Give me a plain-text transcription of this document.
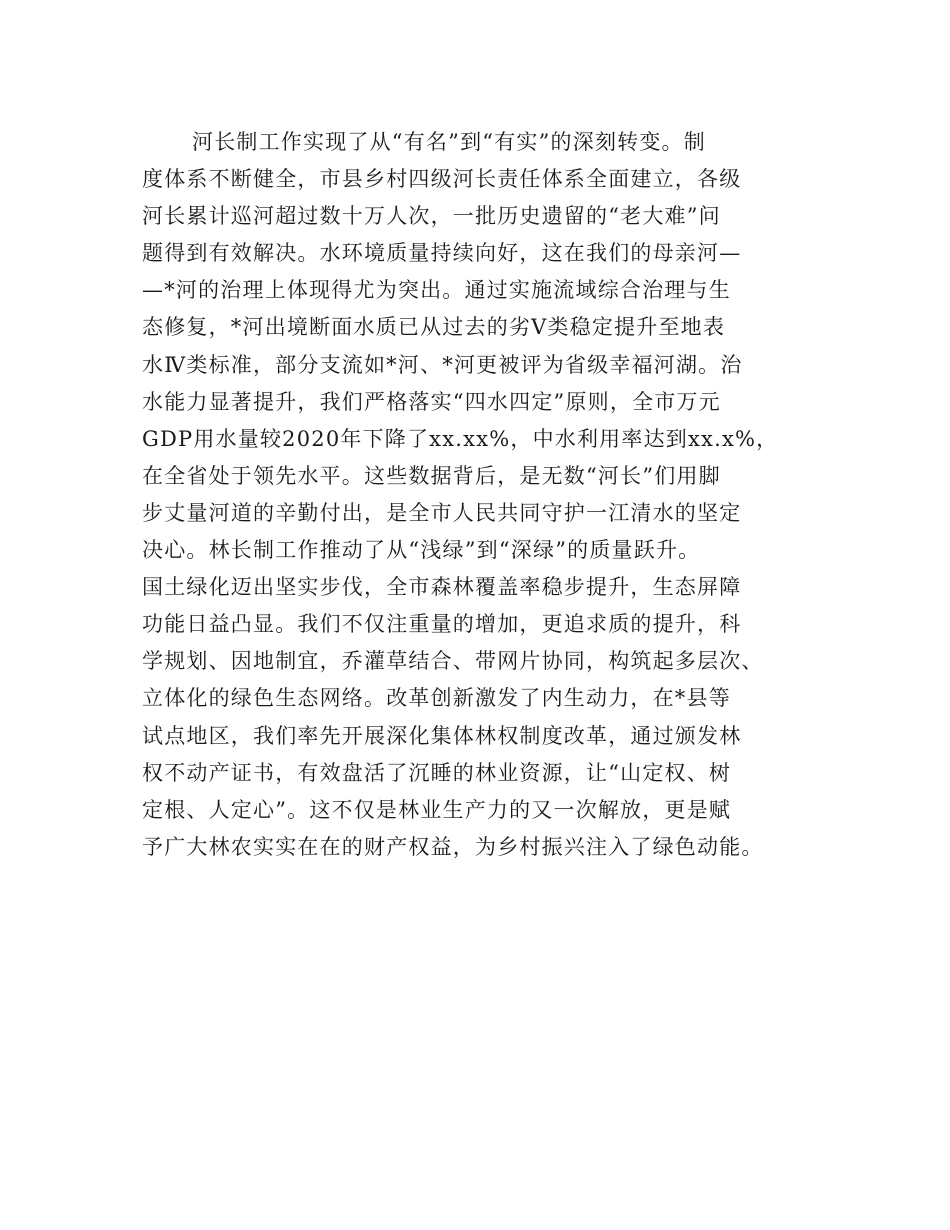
河长制工作实现了从“有名”到“有实”的深刻转变。制
度体系不断健全，市县乡村四级河长责任体系全面建立，各级
河长累计巡河超过数十万人次，一批历史遗留的“老大难”问
题得到有效解决。水环境质量持续向好，这在我们的母亲河—
—*河的治理上体现得尤为突出。通过实施流域综合治理与生
态修复，*河出境断面水质已从过去的劣Ⅴ类稳定提升至地表
水Ⅳ类标准，部分支流如*河、*河更被评为省级幸福河湖。治
水能力显著提升，我们严格落实“四水四定”原则，全市万元
GDP用水量较2020年下降了xx.xx%，中水利用率达到xx.x%，
在全省处于领先水平。这些数据背后，是无数“河长”们用脚
步丈量河道的辛勤付出，是全市人民共同守护一江清水的坚定
决心。林长制工作推动了从“浅绿”到“深绿”的质量跃升。
国土绿化迈出坚实步伐，全市森林覆盖率稳步提升，生态屏障
功能日益凸显。我们不仅注重量的增加，更追求质的提升，科
学规划、因地制宜，乔灌草结合、带网片协同，构筑起多层次、
立体化的绿色生态网络。改革创新激发了内生动力，在*县等
试点地区，我们率先开展深化集体林权制度改革，通过颁发林
权不动产证书，有效盘活了沉睡的林业资源，让“山定权、树
定根、人定心”。这不仅是林业生产力的又一次解放，更是赋
予广大林农实实在在的财产权益，为乡村振兴注入了绿色动能。
